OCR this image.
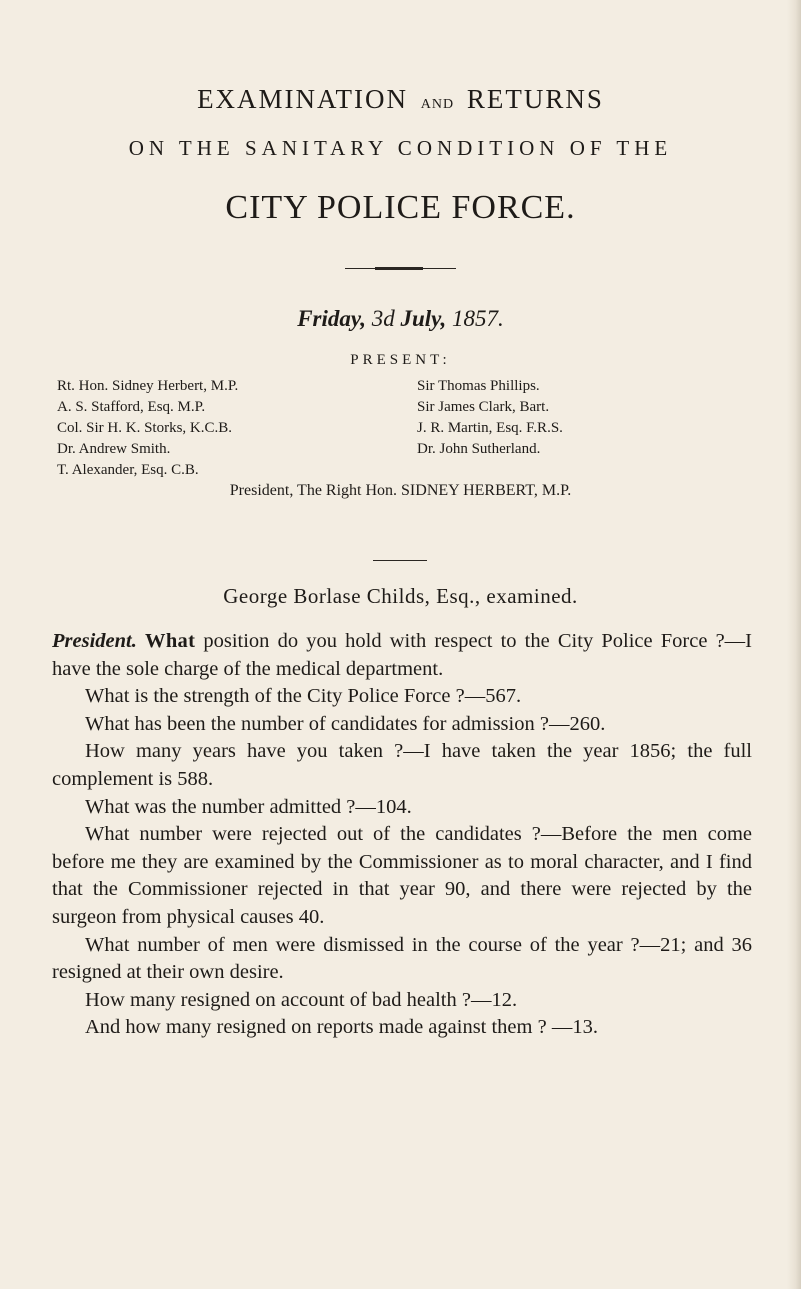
EXAMINATION AND RETURNS
ON THE SANITARY CONDITION OF THE
CITY POLICE FORCE.
Friday, 3d July, 1857.
PRESENT:
Rt. Hon. Sidney Herbert, M.P.
A. S. Stafford, Esq. M.P.
Col. Sir H. K. Storks, K.C.B.
Dr. Andrew Smith.
T. Alexander, Esq. C.B.
Sir Thomas Phillips.
Sir James Clark, Bart.
J. R. Martin, Esq. F.R.S.
Dr. John Sutherland.
President, The Right Hon. SIDNEY HERBERT, M.P.
George Borlase Childs, Esq., examined.

President. What position do you hold with respect to the City Police Force ?—I have the sole charge of the medical department.

What is the strength of the City Police Force ?—567.

What has been the number of candidates for admission ?—260.

How many years have you taken ?—I have taken the year 1856; the full complement is 588.

What was the number admitted ?—104.

What number were rejected out of the candidates ?—Before the men come before me they are examined by the Commissioner as to moral character, and I find that the Commissioner rejected in that year 90, and there were rejected by the surgeon from physical causes 40.

What number of men were dismissed in the course of the year ?—21; and 36 resigned at their own desire.

How many resigned on account of bad health ?—12.

And how many resigned on reports made against them ? —13.
